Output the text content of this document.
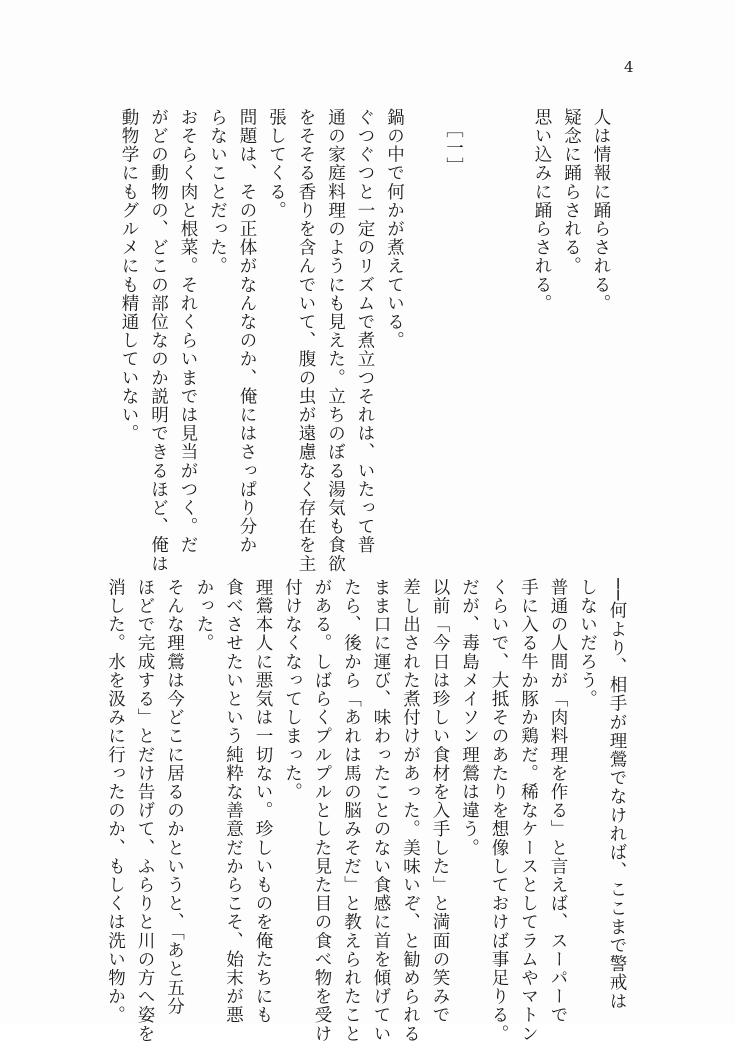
4

人は情報に踊らされる。

疑念に踊らされる。

思い込みに踊らされる。

［一］

鍋の中で何かが煮えている。

ぐつぐつと一定のリズムで煮立つそれは、いたって普

通の家庭料理のようにも見えた。立ちのぼる湯気も食欲

をそそる香りを含んでいて、腹の虫が遠慮なく存在を主

張してくる。

問題は、その正体がなんなのか、俺にはさっぱり分か

らないことだった。

おそらく肉と根菜。それくらいまでは見当がつく。だ

がどの動物の、どこの部位なのか説明できるほど、俺は

動物学にもグルメにも精通していない。

──何より、相手が理鶯でなければ、ここまで警戒は

しないだろう。

普通の人間が「肉料理を作る」と言えば、スーパーで

手に入る牛か豚か鶏だ。稀なケースとしてラムやマトン

くらいで、大抵そのあたりを想像しておけば事足りる。

だが、毒島メイソン理鶯は違う。

以前「今日は珍しい食材を入手した」と満面の笑みで

差し出された煮付けがあった。美味いぞ、と勧められる

まま口に運び、味わったことのない食感に首を傾げてい

たら、後から「あれは馬の脳みそだ」と教えられたこと

がある。しばらくプルプルとした見た目の食べ物を受け

付けなくなってしまった。

理鶯本人に悪気は一切ない。珍しいものを俺たちにも

食べさせたいという純粋な善意だからこそ、始末が悪

かった。

そんな理鶯は今どこに居るのかというと、「あと五分

ほどで完成する」とだけ告げて、ふらりと川の方へ姿を

消した。水を汲みに行ったのか、もしくは洗い物か。
